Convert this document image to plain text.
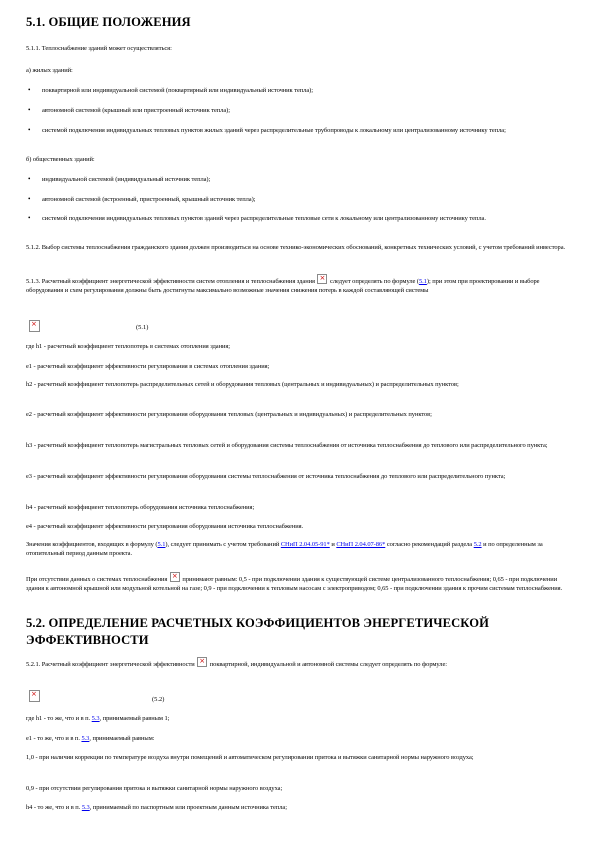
5.1. ОБЩИЕ ПОЛОЖЕНИЯ

5.1.1. Теплоснабжение зданий может осуществляться:

а) жилых зданий:

•	поквартирной или индивидуальной системой (поквартирный или индивидуальный источник тепла);

•	автономной системой (крышный или пристроенный источник тепла);

•	системой подключения индивидуальных тепловых пунктов жилых зданий через распределительные трубопроводы к локальному или централизованному источнику тепла;

б) общественных зданий:

•	индивидуальной системой (индивидуальный источник тепла);

•	автономной системой (встроенный, пристроенный, крышный источник тепла);

•	системой подключения индивидуальных тепловых пунктов зданий через распределительные тепловые сети к локальному или централизованному источнику тепла.

5.1.2. Выбор системы теплоснабжения гражданского здания должен производиться на основе технико-экономических обоснований, конкретных технических условий, с учетом требований инвестора.

5.1.3. Расчетный коэффициент энергетической эффективности систем отопления и теплоснабжения здания × следует определять по формуле (5.1); при этом при проектировании и выборе оборудования и схем регулирования должны быть достигнуты максимально возможные значения снижения потерь в каждой составляющей системы

×
(5.1)

где h1 - расчетный коэффициент теплопотерь в системах отопления здания;

e1 - расчетный коэффициент эффективности регулирования в системах отопления здания;

h2 - расчетный коэффициент теплопотерь распределительных сетей и оборудования тепловых (центральных и индивидуальных) и распределительных пунктов;

e2 - расчетный коэффициент эффективности регулирования оборудования тепловых (центральных и индивидуальных) и распределительных пунктов;

h3 - расчетный коэффициент теплопотерь магистральных тепловых сетей и оборудования системы теплоснабжения от источника теплоснабжения до теплового или распределительного пункта;

e3 - расчетный коэффициент эффективности регулирования оборудования системы теплоснабжения от источника теплоснабжения до теплового или распределительного пункта;

h4 - расчетный коэффициент теплопотерь оборудования источника теплоснабжения;

e4 - расчетный коэффициент эффективности регулирования оборудования источника теплоснабжения.

Значения коэффициентов, входящих в формулу (5.1), следует принимать с учетом требований СНиП 2.04.05-91* и СНиП 2.04.07-86* согласно рекомендаций раздела 5.2 и по определенным за отопительный период данным проекта.

При отсутствии данных о системах теплоснабжения × принимают равным: 0,5 - при подключении здания к существующей системе централизованного теплоснабжения; 0,65 - при подключении здания к автономной крышной или модульной котельной на газе; 0,9 - при подключении к тепловым насосам с электроприводом; 0,65 - при подключении здания к прочим системам теплоснабжения.

5.2. ОПРЕДЕЛЕНИЕ РАСЧЕТНЫХ КОЭФФИЦИЕНТОВ ЭНЕРГЕТИЧЕСКОЙ ЭФФЕКТИВНОСТИ

5.2.1. Расчетный коэффициент энергетической эффективности × поквартирной, индивидуальной и автономной системы следует определять по формуле:

×
(5.2)

где h1 - то же, что и в п. 5.3, принимаемый равным 1;

e1 - то же, что и в п. 5.3, принимаемый равным:

1,0 - при наличии коррекции по температуре воздуха внутри помещений и автоматическом регулировании притока и вытяжки санитарной нормы наружного воздуха;

0,9 - при отсутствии регулирования притока и вытяжки санитарной нормы наружного воздуха;

h4 - то же, что и в п. 5.3, принимаемый по паспортным или проектным данным источника тепла;
